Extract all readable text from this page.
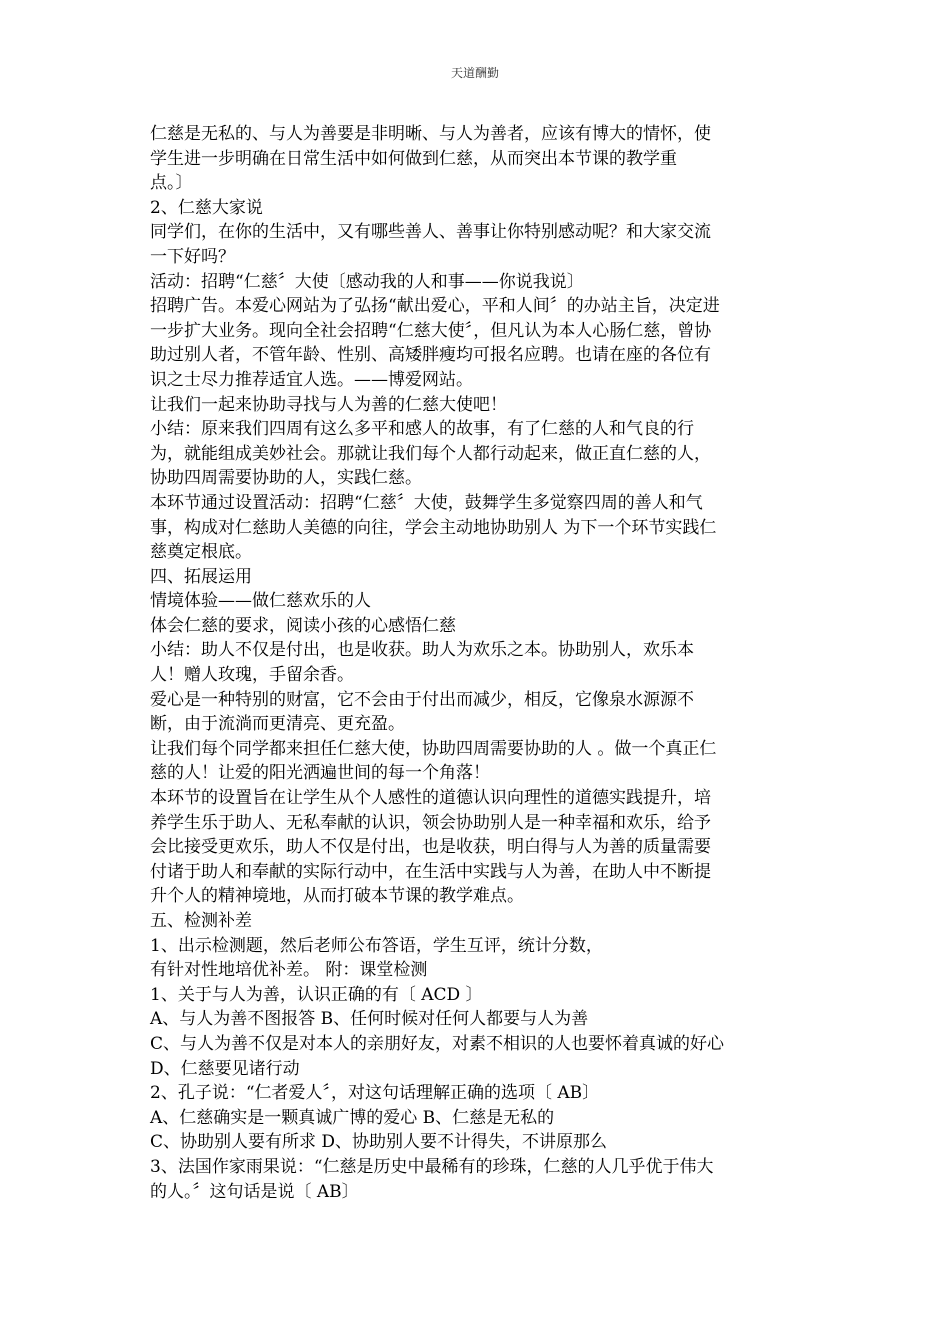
天道酬勤

仁慈是无私的、与人为善要是非明晰、与人为善者，应该有博大的情怀，使

学生进一步明确在日常生活中如何做到仁慈，从而突出本节课的教学重

点。〕

2、仁慈大家说

同学们，在你的生活中，又有哪些善人、善事让你特别感动呢？和大家交流

一下好吗？

活动：招聘“仁慈〞大使〔感动我的人和事——你说我说〕

招聘广告。本爱心网站为了弘扬“献出爱心，平和人间〞的办站主旨，决定进

一步扩大业务。现向全社会招聘“仁慈大使〞，但凡认为本人心肠仁慈，曾协

助过别人者，不管年龄、性别、高矮胖瘦均可报名应聘。也请在座的各位有

识之士尽力推荐适宜人选。——博爱网站。

让我们一起来协助寻找与人为善的仁慈大使吧！

小结：原来我们四周有这么多平和感人的故事，有了仁慈的人和气良的行

为，就能组成美妙社会。那就让我们每个人都行动起来，做正直仁慈的人，

协助四周需要协助的人，实践仁慈。

本环节通过设置活动：招聘“仁慈〞大使，鼓舞学生多觉察四周的善人和气

事，构成对仁慈助人美德的向往，学会主动地协助别人 为下一个环节实践仁

慈奠定根底。

四、拓展运用

情境体验——做仁慈欢乐的人

体会仁慈的要求，阅读小孩的心感悟仁慈

小结：助人不仅是付出，也是收获。助人为欢乐之本。协助别人，欢乐本

人！赠人玫瑰，手留余香。

爱心是一种特别的财富，它不会由于付出而减少，相反，它像泉水源源不

断，由于流淌而更清亮、更充盈。

让我们每个同学都来担任仁慈大使，协助四周需要协助的人 。做一个真正仁

慈的人！让爱的阳光洒遍世间的每一个角落！

本环节的设置旨在让学生从个人感性的道德认识向理性的道德实践提升，培

养学生乐于助人、无私奉献的认识，领会协助别人是一种幸福和欢乐，给予

会比接受更欢乐，助人不仅是付出，也是收获，明白得与人为善的质量需要

付诸于助人和奉献的实际行动中，在生活中实践与人为善，在助人中不断提

升个人的精神境地，从而打破本节课的教学难点。

五、检测补差

1、出示检测题，然后老师公布答语，学生互评，统计分数，

有针对性地培优补差。 附：课堂检测

1、关于与人为善，认识正确的有〔 ACD 〕

A、与人为善不图报答 B、任何时候对任何人都要与人为善

C、与人为善不仅是对本人的亲朋好友，对素不相识的人也要怀着真诚的好心

D、仁慈要见诸行动

2、孔子说：“仁者爱人〞，对这句话理解正确的选项〔 AB〕

A、仁慈确实是一颗真诚广博的爱心 B、仁慈是无私的

C、协助别人要有所求 D、协助别人要不计得失，不讲原那么

3、法国作家雨果说：“仁慈是历史中最稀有的珍珠，仁慈的人几乎优于伟大

的人。〞这句话是说〔 AB〕
